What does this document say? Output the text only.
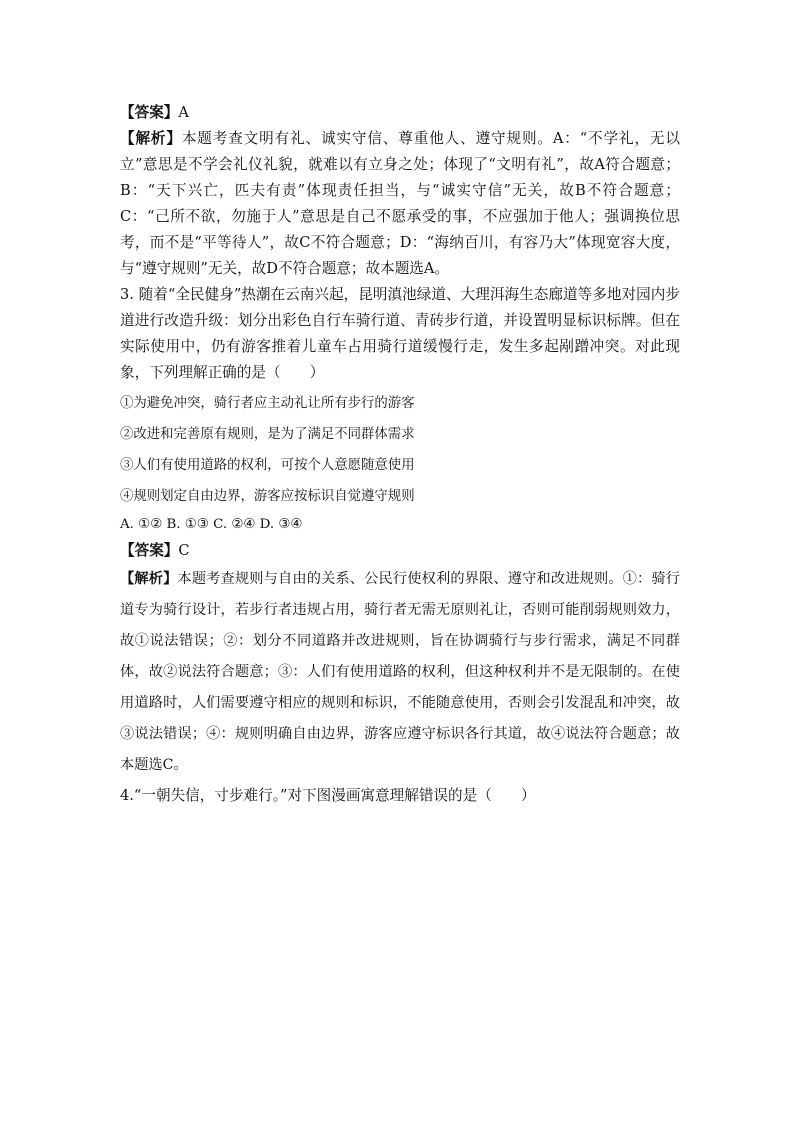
【答案】A
【解析】本题考查文明有礼、诚实守信、尊重他人、遵守规则。A：“不学礼，无以立”意思是不学会礼仪礼貌，就难以有立身之处；体现了“文明有礼”，故A符合题意；B：“天下兴亡，匹夫有责”体现责任担当，与“诚实守信”无关，故B不符合题意；C：“己所不欲，勿施于人”意思是自己不愿承受的事，不应强加于他人；强调换位思考，而不是“平等待人”，故C不符合题意；D：“海纳百川，有容乃大”体现宽容大度，与“遵守规则”无关，故D不符合题意；故本题选A。
3. 随着“全民健身”热潮在云南兴起，昆明滇池绿道、大理洱海生态廊道等多地对园内步道进行改造升级：划分出彩色自行车骑行道、青砖步行道，并设置明显标识标牌。但在实际使用中，仍有游客推着儿童车占用骑行道缓慢行走，发生多起剐蹭冲突。对此现象，下列理解正确的是（　　）
①为避免冲突，骑行者应主动礼让所有步行的游客
②改进和完善原有规则，是为了满足不同群体需求
③人们有使用道路的权利，可按个人意愿随意使用
④规则划定自由边界，游客应按标识自觉遵守规则
A. ①② B. ①③ C. ②④ D. ③④
【答案】C
【解析】本题考查规则与自由的关系、公民行使权利的界限、遵守和改进规则。①：骑行道专为骑行设计，若步行者违规占用，骑行者无需无原则礼让，否则可能削弱规则效力，故①说法错误；②：划分不同道路并改进规则，旨在协调骑行与步行需求，满足不同群体，故②说法符合题意；③：人们有使用道路的权利，但这种权利并不是无限制的。在使用道路时，人们需要遵守相应的规则和标识，不能随意使用，否则会引发混乱和冲突，故③说法错误；④：规则明确自由边界，游客应遵守标识各行其道，故④说法符合题意；故本题选C。
4.“一朝失信，寸步难行。”对下图漫画寓意理解错误的是（　　）
